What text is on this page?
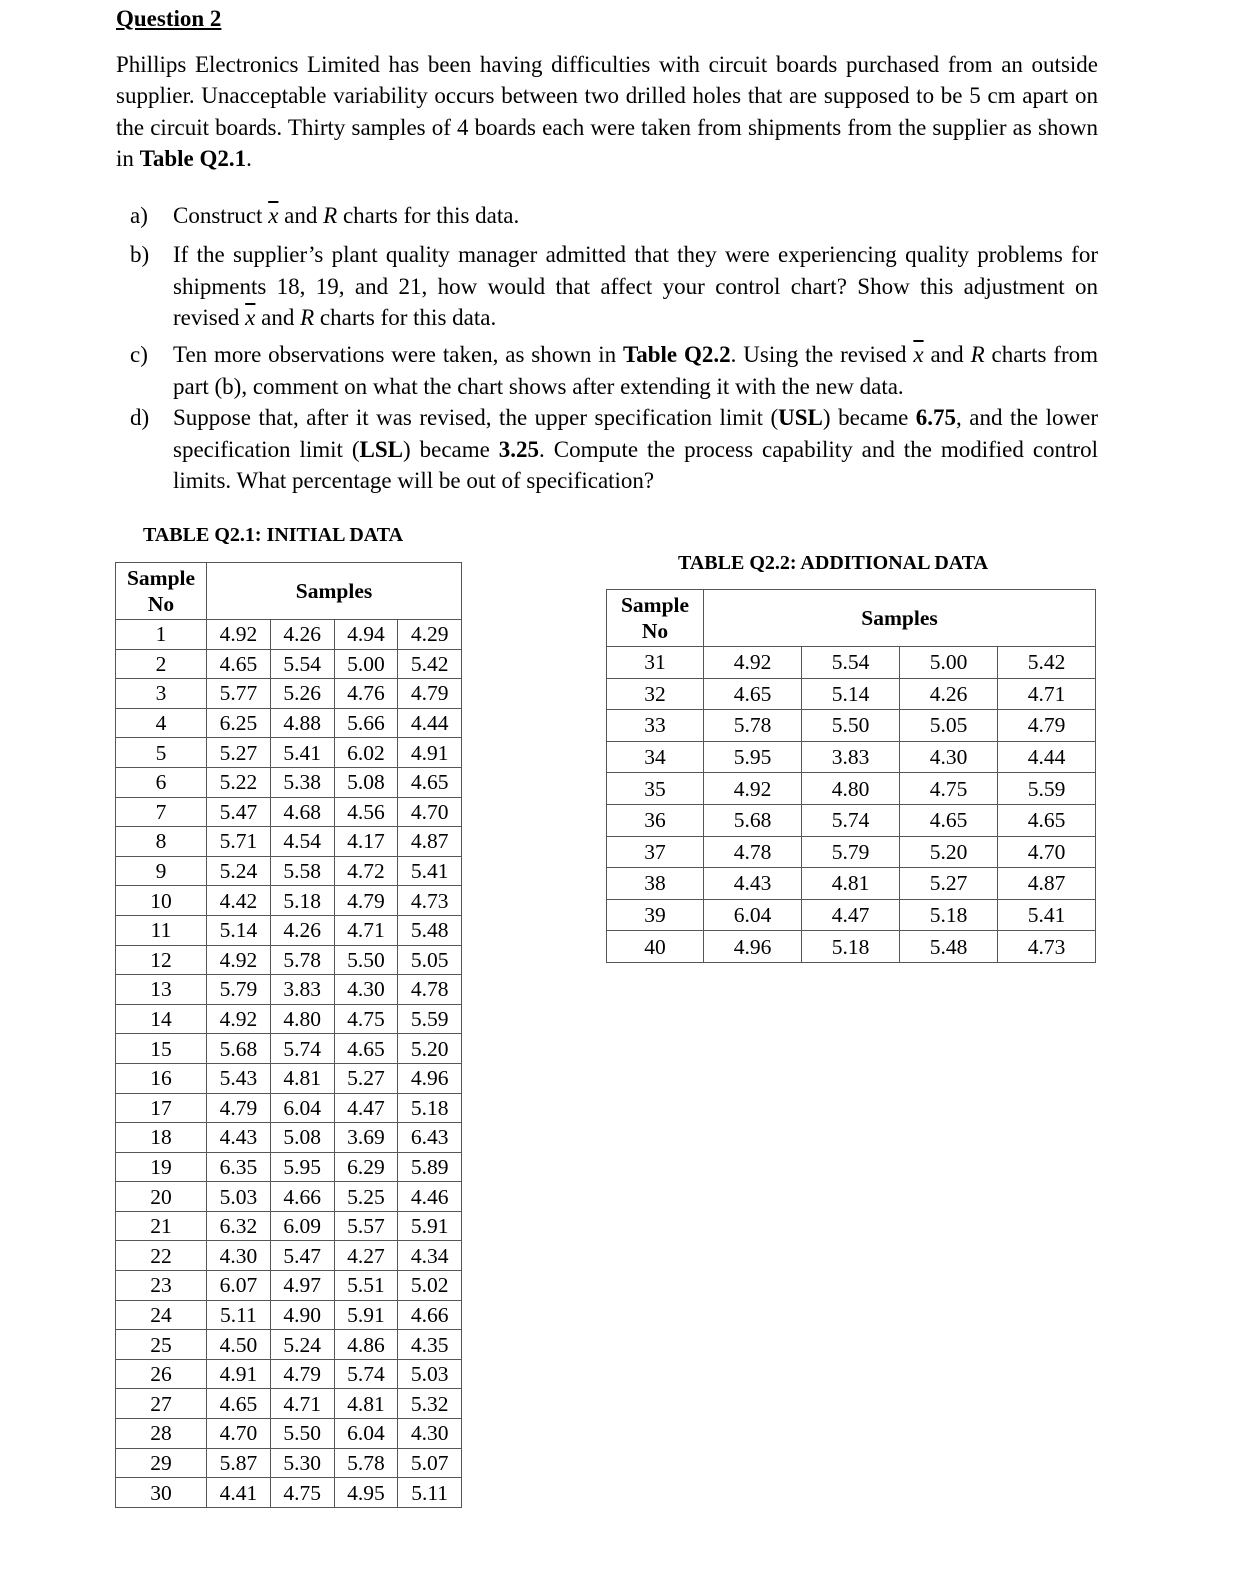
Question 2

Phillips Electronics Limited has been having difficulties with circuit boards purchased from an outside supplier. Unacceptable variability occurs between two drilled holes that are supposed to be 5 cm apart on the circuit boards. Thirty samples of 4 boards each were taken from shipments from the supplier as shown in Table Q2.1.

a)	Construct $\overline{x}$ and R charts for this data.
b)	If the supplier’s plant quality manager admitted that they were experiencing quality problems for shipments 18, 19, and 21, how would that affect your control chart? Show this adjustment on revised $\overline{x}$ and R charts for this data.
c)	Ten more observations were taken, as shown in Table Q2.2. Using the revised $\overline{x}$ and R charts from part (b), comment on what the chart shows after extending it with the new data.
d)	Suppose that, after it was revised, the upper specification limit (USL) became 6.75, and the lower specification limit (LSL) became 3.25. Compute the process capability and the modified control limits. What percentage will be out of specification?
TABLE Q2.1: INITIAL DATA
Sample No	Samples			
1	4.92	4.26	4.94	4.29
2	4.65	5.54	5.00	5.42
3	5.77	5.26	4.76	4.79
4	6.25	4.88	5.66	4.44
5	5.27	5.41	6.02	4.91
6	5.22	5.38	5.08	4.65
7	5.47	4.68	4.56	4.70
8	5.71	4.54	4.17	4.87
9	5.24	5.58	4.72	5.41
10	4.42	5.18	4.79	4.73
11	5.14	4.26	4.71	5.48
12	4.92	5.78	5.50	5.05
13	5.79	3.83	4.30	4.78
14	4.92	4.80	4.75	5.59
15	5.68	5.74	4.65	5.20
16	5.43	4.81	5.27	4.96
17	4.79	6.04	4.47	5.18
18	4.43	5.08	3.69	6.43
19	6.35	5.95	6.29	5.89
20	5.03	4.66	5.25	4.46
21	6.32	6.09	5.57	5.91
22	4.30	5.47	4.27	4.34
23	6.07	4.97	5.51	5.02
24	5.11	4.90	5.91	4.66
25	4.50	5.24	4.86	4.35
26	4.91	4.79	5.74	5.03
27	4.65	4.71	4.81	5.32
28	4.70	5.50	6.04	4.30
29	5.87	5.30	5.78	5.07
30	4.41	4.75	4.95	5.11
TABLE Q2.2: ADDITIONAL DATA
Sample No	Samples			
31	4.92	5.54	5.00	5.42
32	4.65	5.14	4.26	4.71
33	5.78	5.50	5.05	4.79
34	5.95	3.83	4.30	4.44
35	4.92	4.80	4.75	5.59
36	5.68	5.74	4.65	4.65
37	4.78	5.79	5.20	4.70
38	4.43	4.81	5.27	4.87
39	6.04	4.47	5.18	5.41
40	4.96	5.18	5.48	4.73
